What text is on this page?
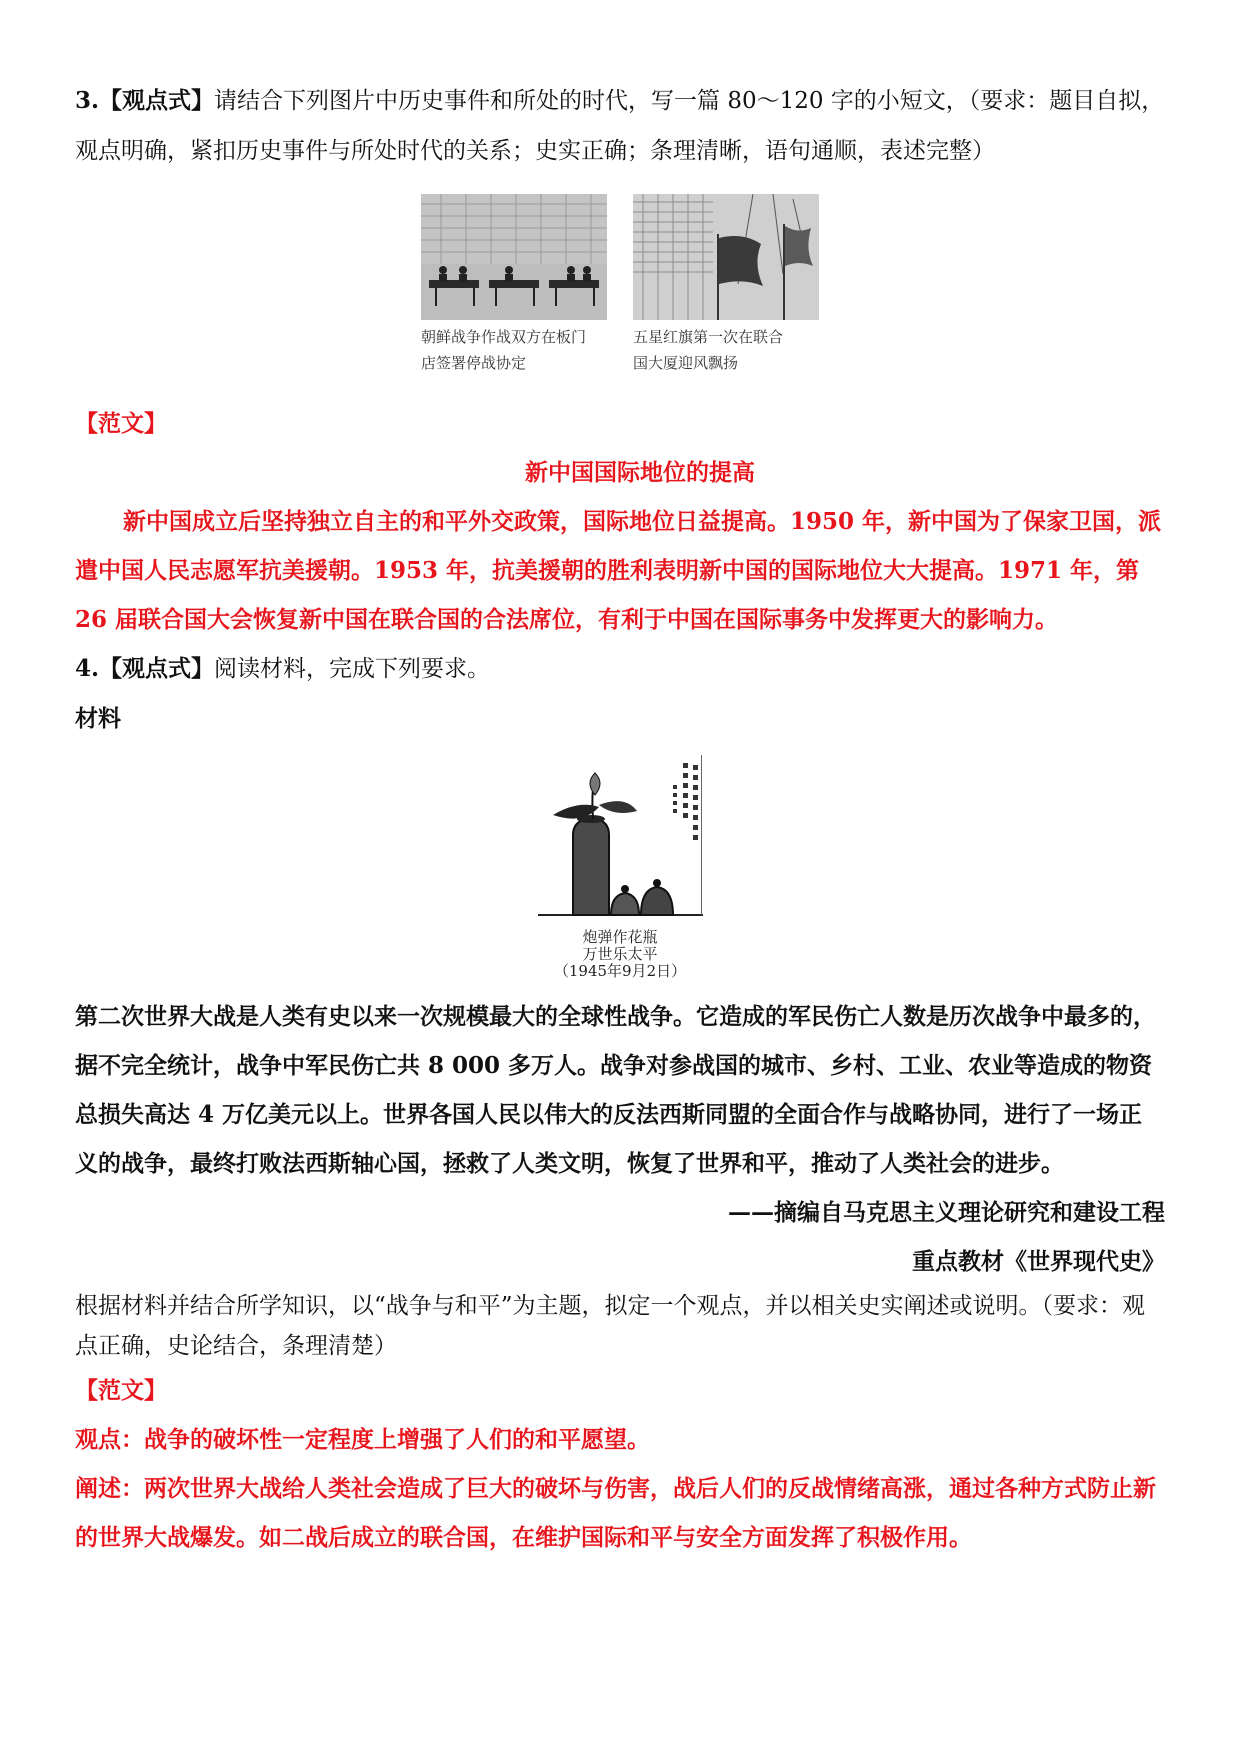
3.【观点式】请结合下列图片中历史事件和所处的时代，写一篇 80～120 字的小短文，（要求：题目自拟，观点明确，紧扣历史事件与所处时代的关系；史实正确；条理清晰，语句通顺，表述完整）

朝鲜战争作战双方在板门
店签署停战协定
五星红旗第一次在联合
国大厦迎风飘扬

【范文】

新中国国际地位的提高

新中国成立后坚持独立自主的和平外交政策，国际地位日益提高。1950 年，新中国为了保家卫国，派遣中国人民志愿军抗美援朝。1953 年，抗美援朝的胜利表明新中国的国际地位大大提高。1971 年，第 26 届联合国大会恢复新中国在联合国的合法席位，有利于中国在国际事务中发挥更大的影响力。

4.【观点式】阅读材料，完成下列要求。

材料

炮弹作花瓶
万世乐太平
（1945年9月2日）

第二次世界大战是人类有史以来一次规模最大的全球性战争。它造成的军民伤亡人数是历次战争中最多的，据不完全统计，战争中军民伤亡共 8 000 多万人。战争对参战国的城市、乡村、工业、农业等造成的物资总损失高达 4 万亿美元以上。世界各国人民以伟大的反法西斯同盟的全面合作与战略协同，进行了一场正义的战争，最终打败法西斯轴心国，拯救了人类文明，恢复了世界和平，推动了人类社会的进步。

——摘编自马克思主义理论研究和建设工程

重点教材《世界现代史》

根据材料并结合所学知识，以“战争与和平”为主题，拟定一个观点，并以相关史实阐述或说明。（要求：观点正确，史论结合，条理清楚）

【范文】

观点：战争的破坏性一定程度上增强了人们的和平愿望。

阐述：两次世界大战给人类社会造成了巨大的破坏与伤害，战后人们的反战情绪高涨，通过各种方式防止新的世界大战爆发。如二战后成立的联合国，在维护国际和平与安全方面发挥了积极作用。
